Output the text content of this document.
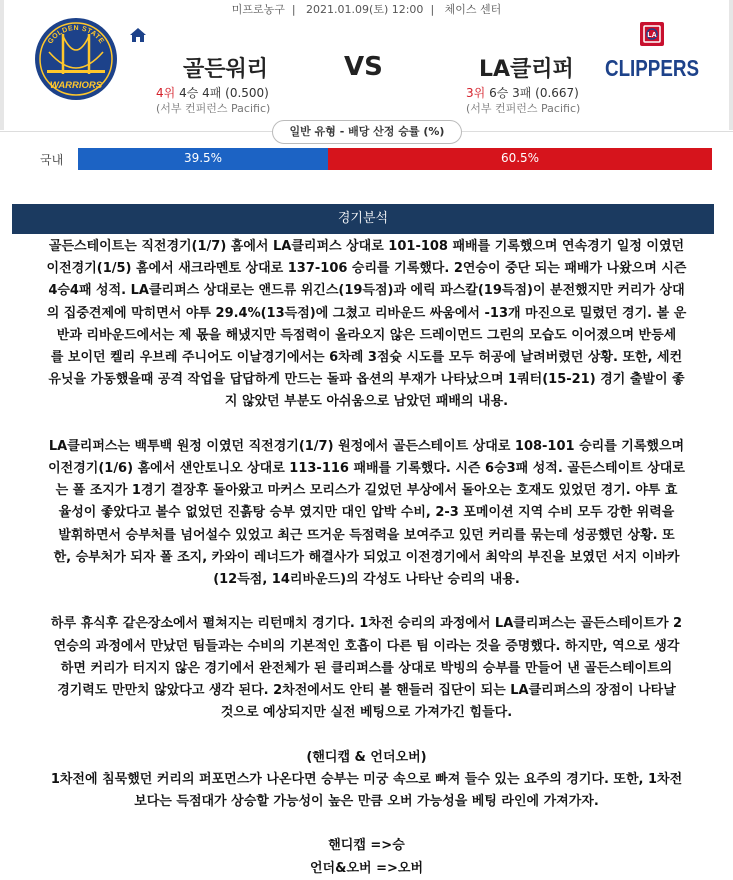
미프로농구 | 2021.01.09(토) 12:00 | 체이스 센터
GOLDEN STATE
WARRIORS
골든워리
4위 4승 4패 (0.500)
(서부 컨퍼런스 Pacific)
VS	LA클리퍼
3위 6승 3패 (0.667)
(서부 컨퍼런스 Pacific)
LA
CLIPPERS
일반 유형 - 배당 산정 승률 (%)
국내	39.5%	60.5%
경기분석

골든스테이트는 직전경기(1/7) 홈에서 LA클리퍼스 상대로 101-108 패배를 기록했으며 연속경기 일정 이였던

이전경기(1/5) 홈에서 새크라멘토 상대로 137-106 승리를 기록했다. 2연승이 중단 되는 패배가 나왔으며 시즌

4승4패 성적. LA클리퍼스 상대로는 앤드류 위긴스(19득점)과 에릭 파스칼(19득점)이 분전했지만 커리가 상대

의 집중견제에 막히면서 야투 29.4%(13득점)에 그쳤고 리바운드 싸움에서 -13개 마진으로 밀렸던 경기. 볼 운

반과 리바운드에서는 제 몫을 해냈지만 득점력이 올라오지 않은 드레이먼드 그린의 모습도 이어졌으며 반등세

를 보이던 켈리 우브레 주니어도 이날경기에서는 6차례 3점슛 시도를 모두 허공에 날려버렸던 상황. 또한, 세컨

유닛을 가동했을때 공격 작업을 답답하게 만드는 돌파 옵션의 부재가 나타났으며 1쿼터(15-21) 경기 출발이 좋

지 않았던 부분도 아쉬움으로 남았던 패배의 내용.

LA클리퍼스는 백투백 원정 이였던 직전경기(1/7) 원정에서 골든스테이트 상대로 108-101 승리를 기록했으며

이전경기(1/6) 홈에서 샌안토니오 상대로 113-116 패배를 기록했다. 시즌 6승3패 성적. 골든스테이트 상대로

는 폴 조지가 1경기 결장후 돌아왔고 마커스 모리스가 길었던 부상에서 돌아오는 호재도 있었던 경기. 야투 효

율성이 좋았다고 볼수 없었던 진흙탕 승부 였지만 대인 압박 수비, 2-3 포메이션 지역 수비 모두 강한 위력을

발휘하면서 승부처를 넘어설수 있었고 최근 뜨거운 득점력을 보여주고 있던 커리를 묶는데 성공했던 상황. 또

한, 승부처가 되자 폴 조지, 카와이 레너드가 해결사가 되었고 이전경기에서 최악의 부진을 보였던 서지 이바카

(12득점, 14리바운드)의 각성도 나타난 승리의 내용.

하루 휴식후 같은장소에서 펼쳐지는 리턴매치 경기다. 1차전 승리의 과정에서 LA클리퍼스는 골든스테이트가 2

연승의 과정에서 만났던 팀들과는 수비의 기본적인 호흡이 다른 팀 이라는 것을 증명했다. 하지만, 역으로 생각

하면 커리가 터지지 않은 경기에서 완전체가 된 클리퍼스를 상대로 박빙의 승부를 만들어 낸 골든스테이트의

경기력도 만만치 않았다고 생각 된다. 2차전에서도 안티 볼 핸들러 집단이 되는 LA클리퍼스의 장점이 나타날

것으로 예상되지만 실전 베팅으로 가져가긴 힘들다.

(핸디캡 & 언더오버)

1차전에 침묵했던 커리의 퍼포먼스가 나온다면 승부는 미궁 속으로 빠져 들수 있는 요주의 경기다. 또한, 1차전

보다는 득점대가 상승할 가능성이 높은 만큼 오버 가능성을 베팅 라인에 가져가자.

핸디캡 =>승

언더&오버 =>오버
